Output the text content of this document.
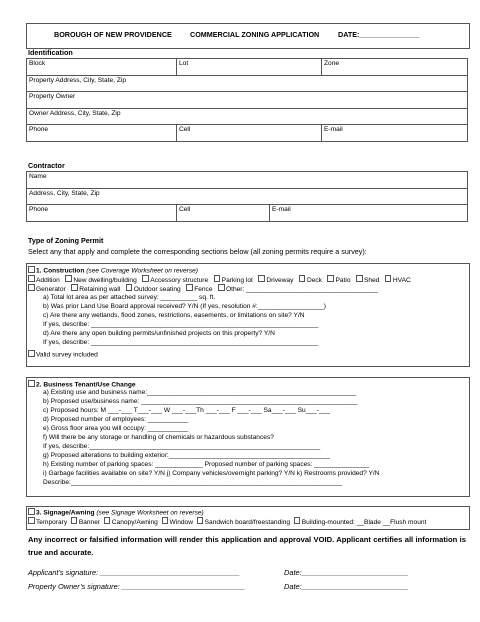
BOROUGH OF NEW PROVIDENCE	COMMERCIAL ZONING APPLICATION	DATE:_______________
Identification
Block	Lot	Zone
Property Address, City, State, Zip		
Property Owner		
Owner Address, City, State, Zip		
Phone	Cell	E-mail
Contractor
Name
Address, City, State, Zip
Phone	Cell	E-mail
Type of Zoning Permit
Select any that apply and complete the corresponding sections below (all zoning permits require a survey):
1. Construction (see Coverage Worksheet on reverse)
Addition New dwelling/building Accessory structure Parking lot Driveway Deck Patio Shed HVAC
Generator Retaining wall Outdoor seating Fence Other: ____________________________________
a) Total lot area as per attached survey: __________ sq. ft.
b) Was prior Land Use Board approval received? Y/N (If yes, resolution #:__________________)
c) Are there any wetlands, flood zones, restrictions, easements, or limitations on site? Y/N
If yes, describe: ______________________________________________________________
d) Are there any open building permits/unfinished projects on this property? Y/N
If yes, describe: ______________________________________________________________
Valid survey included
2. Business Tenant/Use Change
a) Existing use and business name:_________________________________________________________
b) Proposed use/business name: ___________________________________________________________
c) Proposed hours: M ___-___ T___-___ W ___-___Th ___-___ F ___-___ Sa___-___ Su___-___
d) Proposed number of employees: ___________
e) Gross floor area you will occupy: ___________
f) Will there be any storage or handling of chemicals or hazardous substances?
If yes, describe:_______________________________________________________________
g) Proposed alterations to building exterior:____________________________________________
h) Existing number of parking spaces: _____________ Proposed number of parking spaces: _______________
i) Garbage facilities available on site? Y/N j) Company vehicles/overnight parking? Y/N k) Restrooms provided? Y/N
Describe:__________________________________________________________________________
3. Signage/Awning (see Signage Worksheet on reverse)
Temporary Banner Canopy/Awning Window Sandwich board/freestanding Building-mounted: __Blade __Flush mount
Any incorrect or falsified information will render this application and approval VOID. Applicant certifies all information is true and accurate.
Applicant’s signature: __________________________________	Date:__________________________
Property Owner’s signature: ______________________________	Date:__________________________
